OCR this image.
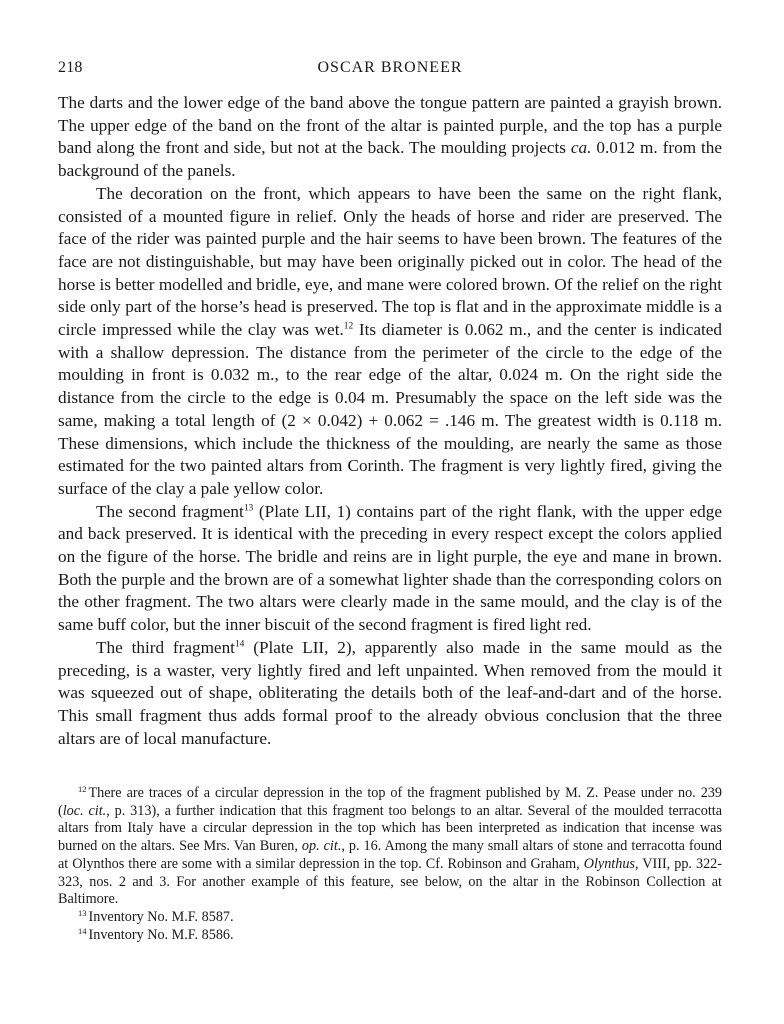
218	OSCAR BRONEER

The darts and the lower edge of the band above the tongue pattern are painted a grayish brown. The upper edge of the band on the front of the altar is painted purple, and the top has a purple band along the front and side, but not at the back. The moulding projects ca. 0.012 m. from the background of the panels.

The decoration on the front, which appears to have been the same on the right flank, consisted of a mounted figure in relief. Only the heads of horse and rider are preserved. The face of the rider was painted purple and the hair seems to have been brown. The features of the face are not distinguishable, but may have been originally picked out in color. The head of the horse is better modelled and bridle, eye, and mane were colored brown. Of the relief on the right side only part of the horse’s head is preserved. The top is flat and in the approximate middle is a circle impressed while the clay was wet.$^{12}$ Its diameter is 0.062 m., and the center is indicated with a shallow depression. The distance from the perimeter of the circle to the edge of the moulding in front is 0.032 m., to the rear edge of the altar, 0.024 m. On the right side the distance from the circle to the edge is 0.04 m. Presumably the space on the left side was the same, making a total length of (2 × 0.042) + 0.062 = .146 m. The greatest width is 0.118 m. These dimensions, which include the thickness of the moulding, are nearly the same as those estimated for the two painted altars from Corinth. The fragment is very lightly fired, giving the surface of the clay a pale yellow color.

The second fragment$^{13}$ (Plate LII, 1) contains part of the right flank, with the upper edge and back preserved. It is identical with the preceding in every respect except the colors applied on the figure of the horse. The bridle and reins are in light purple, the eye and mane in brown. Both the purple and the brown are of a somewhat lighter shade than the corresponding colors on the other fragment. The two altars were clearly made in the same mould, and the clay is of the same buff color, but the inner biscuit of the second fragment is fired light red.

The third fragment$^{14}$ (Plate LII, 2), apparently also made in the same mould as the preceding, is a waster, very lightly fired and left unpainted. When removed from the mould it was squeezed out of shape, obliterating the details both of the leaf-and-dart and of the horse. This small fragment thus adds formal proof to the already obvious conclusion that the three altars are of local manufacture.

$^{12}$ There are traces of a circular depression in the top of the fragment published by M. Z. Pease under no. 239 (loc. cit., p. 313), a further indication that this fragment too belongs to an altar. Several of the moulded terracotta altars from Italy have a circular depression in the top which has been interpreted as indication that incense was burned on the altars. See Mrs. Van Buren, op. cit., p. 16. Among the many small altars of stone and terracotta found at Olynthos there are some with a similar depression in the top. Cf. Robinson and Graham, Olynthus, VIII, pp. 322-323, nos. 2 and 3. For another example of this feature, see below, on the altar in the Robinson Collection at Baltimore.

$^{13}$ Inventory No. M.F. 8587.

$^{14}$ Inventory No. M.F. 8586.
